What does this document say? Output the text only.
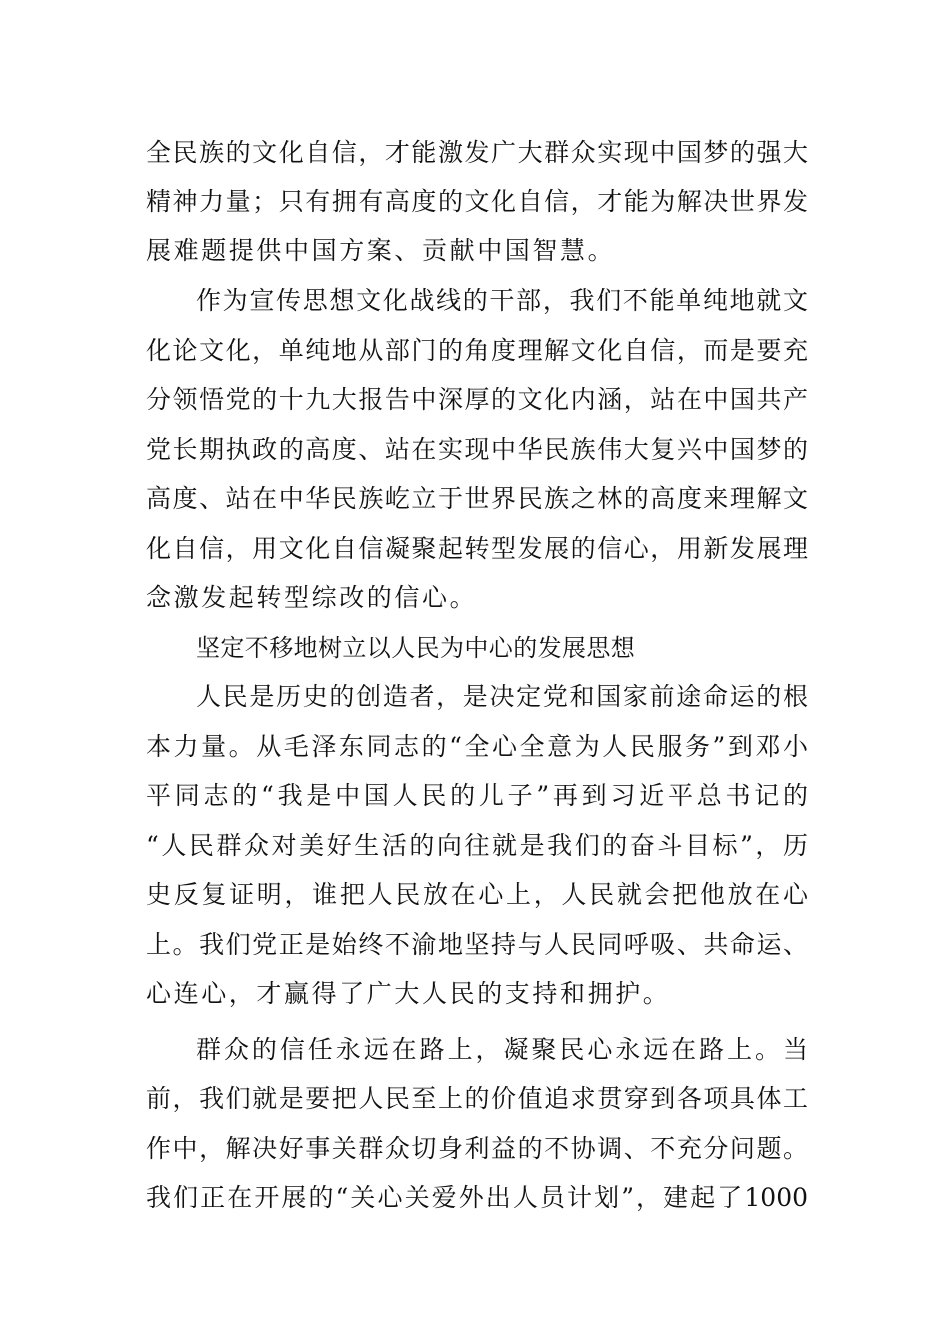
全民族的文化自信，才能激发广大群众实现中国梦的强大
精神力量；只有拥有高度的文化自信，才能为解决世界发
展难题提供中国方案、贡献中国智慧。
作为宣传思想文化战线的干部，我们不能单纯地就文
化论文化，单纯地从部门的角度理解文化自信，而是要充
分领悟党的十九大报告中深厚的文化内涵，站在中国共产
党长期执政的高度、站在实现中华民族伟大复兴中国梦的
高度、站在中华民族屹立于世界民族之林的高度来理解文
化自信，用文化自信凝聚起转型发展的信心，用新发展理
念激发起转型综改的信心。
坚定不移地树立以人民为中心的发展思想
人民是历史的创造者，是决定党和国家前途命运的根
本力量。从毛泽东同志的“全心全意为人民服务”到邓小
平同志的“我是中国人民的儿子”再到习近平总书记的
“人民群众对美好生活的向往就是我们的奋斗目标”，历
史反复证明，谁把人民放在心上，人民就会把他放在心
上。我们党正是始终不渝地坚持与人民同呼吸、共命运、
心连心，才赢得了广大人民的支持和拥护。
群众的信任永远在路上，凝聚民心永远在路上。当
前，我们就是要把人民至上的价值追求贯穿到各项具体工
作中，解决好事关群众切身利益的不协调、不充分问题。
我们正在开展的“关心关爱外出人员计划”，建起了1000
